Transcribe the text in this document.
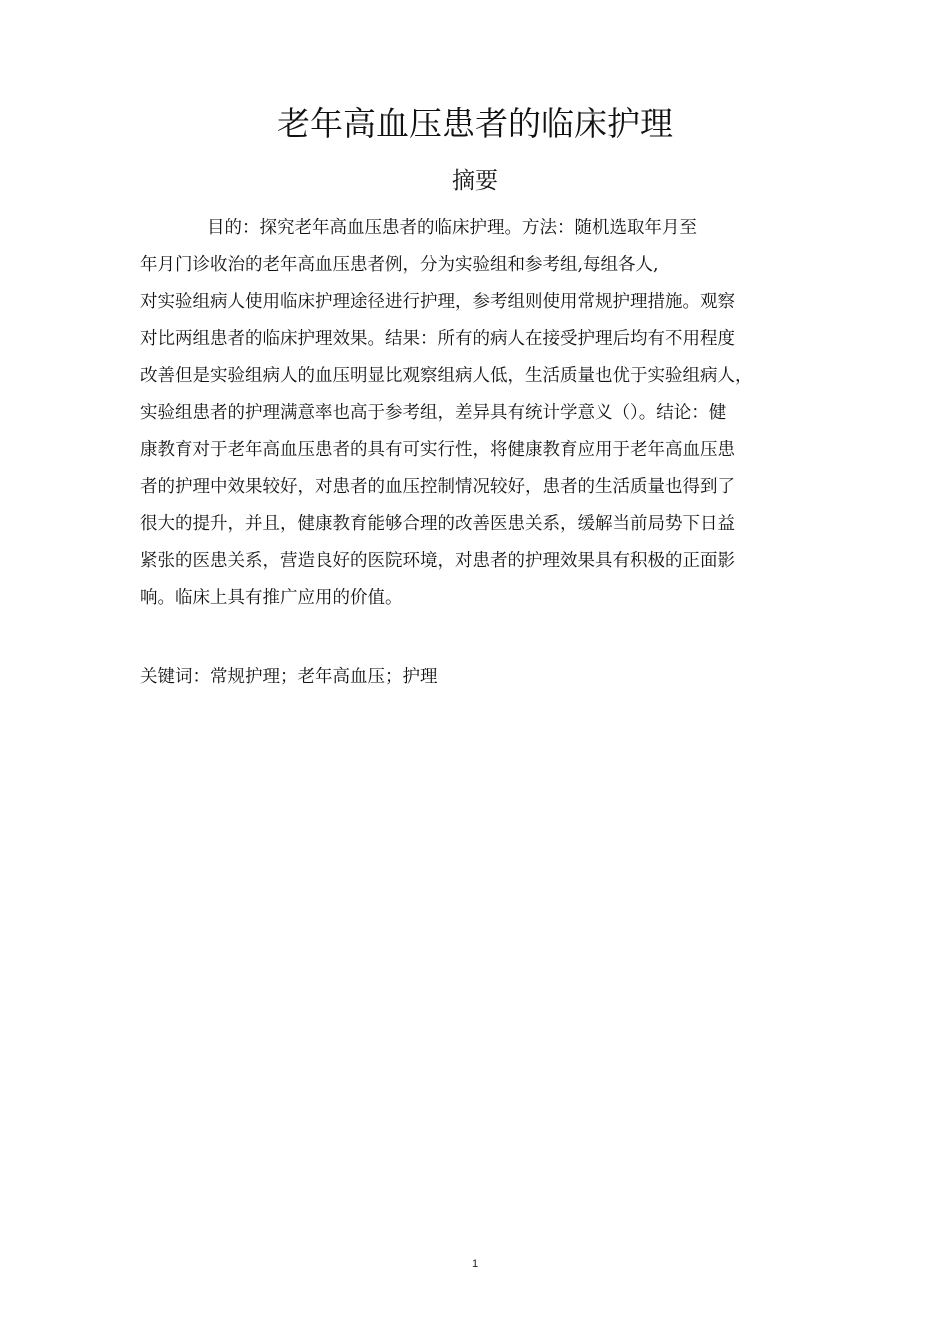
老年高血压患者的临床护理
摘要
目的：探究老年高血压患者的临床护理。方法：随机选取年月至
年月门诊收治的老年高血压患者例，分为实验组和参考组,每组各人,
对实验组病人使用临床护理途径进行护理，参考组则使用常规护理措施。观察
对比两组患者的临床护理效果。结果：所有的病人在接受护理后均有不用程度
改善但是实验组病人的血压明显比观察组病人低，生活质量也优于实验组病人，
实验组患者的护理满意率也高于参考组，差异具有统计学意义（）。结论：健
康教育对于老年高血压患者的具有可实行性，将健康教育应用于老年高血压患
者的护理中效果较好，对患者的血压控制情况较好，患者的生活质量也得到了
很大的提升，并且，健康教育能够合理的改善医患关系，缓解当前局势下日益
紧张的医患关系，营造良好的医院环境，对患者的护理效果具有积极的正面影
响。临床上具有推广应用的价值。
关键词：常规护理；老年高血压；护理
1
